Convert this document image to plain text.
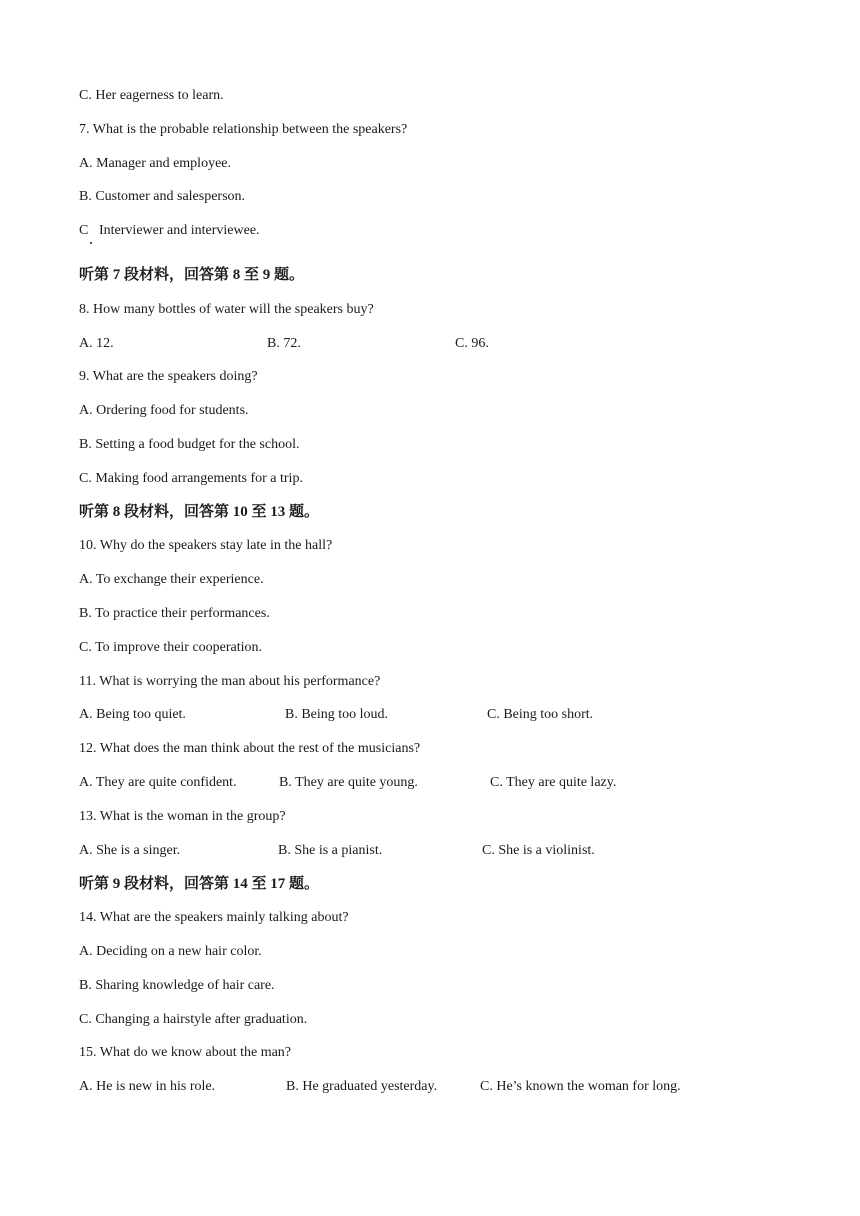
C. Her eagerness to learn.
7. What is the probable relationship between the speakers?
A. Manager and employee.
B. Customer and salesperson.
C Interviewer and interviewee.
听第 7 段材料，回答第 8 至 9 题。
8. How many bottles of water will the speakers buy?
A. 12.	B. 72.	C. 96.
9. What are the speakers doing?
A. Ordering food for students.
B. Setting a food budget for the school.
C. Making food arrangements for a trip.
听第 8 段材料，回答第 10 至 13 题。
10. Why do the speakers stay late in the hall?
A. To exchange their experience.
B. To practice their performances.
C. To improve their cooperation.
11. What is worrying the man about his performance?
A. Being too quiet.	B. Being too loud.	C. Being too short.
12. What does the man think about the rest of the musicians?
A. They are quite confident.	B. They are quite young.	C. They are quite lazy.
13. What is the woman in the group?
A. She is a singer.	B. She is a pianist.	C. She is a violinist.
听第 9 段材料，回答第 14 至 17 题。
14. What are the speakers mainly talking about?
A. Deciding on a new hair color.
B. Sharing knowledge of hair care.
C. Changing a hairstyle after graduation.
15. What do we know about the man?
A. He is new in his role.	B. He graduated yesterday.	C. He’s known the woman for long.
